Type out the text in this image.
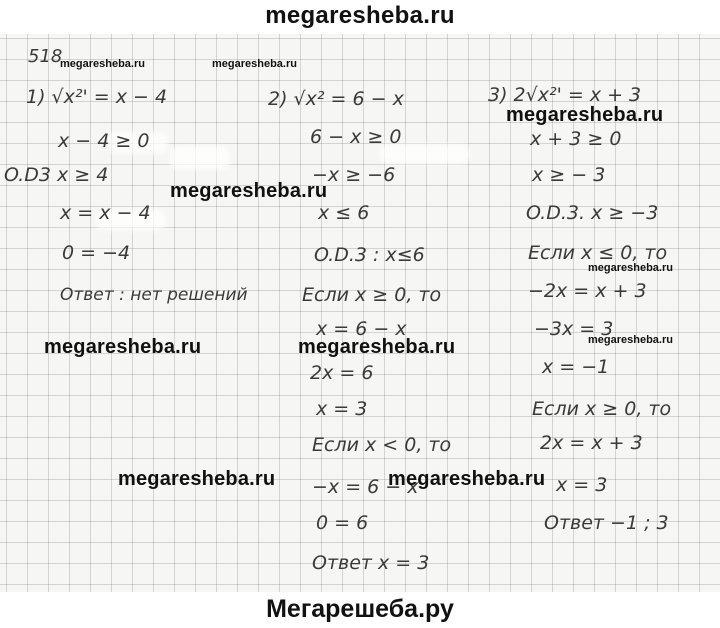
megaresheba.ru
518
1) √x²' = x − 4
x − 4 ≥ 0
O.D3 x ≥ 4
x = x − 4
0 = −4
Ответ : нет решений
2) √x² = 6 − x
6 − x ≥ 0
−x ≥ −6
x ≤ 6
O.D.3 : x≤6
Если x ≥ 0, то
x = 6 − x
2x = 6
x = 3
Если x < 0, то
−x = 6 − x
0 = 6
Ответ x = 3
3) 2√x²' = x + 3
x + 3 ≥ 0
x ≥ − 3
O.D.3. x ≥ −3
Если x ≤ 0, то
−2x = x + 3
−3x = 3
x = −1
Если x ≥ 0, то
2x = x + 3
x = 3
Ответ −1 ; 3
megaresheba.ru	megaresheba.ru
megaresheba.ru
megaresheba.ru
megaresheba.ru
megaresheba.ru
megaresheba.ru	megaresheba.ru
megaresheba.ru	megaresheba.ru
Мегарешеба.ру
